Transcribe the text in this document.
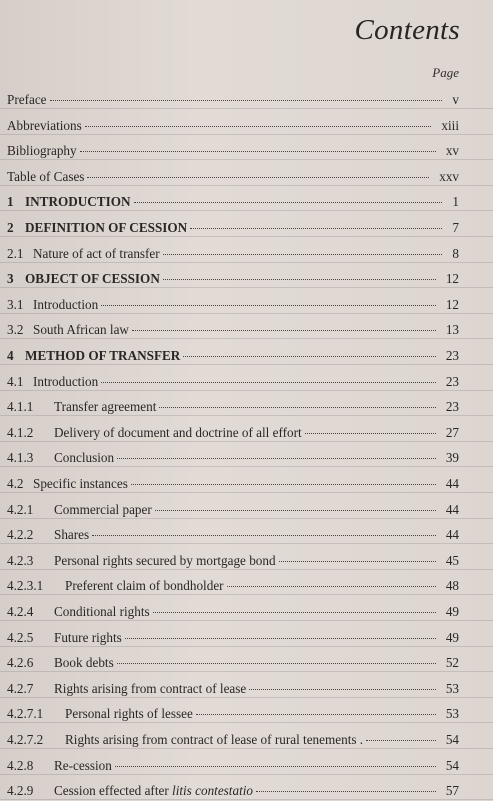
Contents
Page
Preface	v
Abbreviations	xiii
Bibliography	xv
Table of Cases	xxv
1 INTRODUCTION	1
2 DEFINITION OF CESSION	7
2.1 Nature of act of transfer	8
3 OBJECT OF CESSION	12
3.1 Introduction	12
3.2 South African law	13
4 METHOD OF TRANSFER	23
4.1 Introduction	23
4.1.1 Transfer agreement	23
4.1.2 Delivery of document and doctrine of all effort	27
4.1.3 Conclusion	39
4.2 Specific instances	44
4.2.1 Commercial paper	44
4.2.2 Shares	44
4.2.3 Personal rights secured by mortgage bond	45
4.2.3.1 Preferent claim of bondholder	48
4.2.4 Conditional rights	49
4.2.5 Future rights	49
4.2.6 Book debts	52
4.2.7 Rights arising from contract of lease	53
4.2.7.1 Personal rights of lessee	53
4.2.7.2 Rights arising from contract of lease of rural tenements .	54
4.2.8 Re-cession	54
4.2.9 Cession effected after litis contestatio	57
